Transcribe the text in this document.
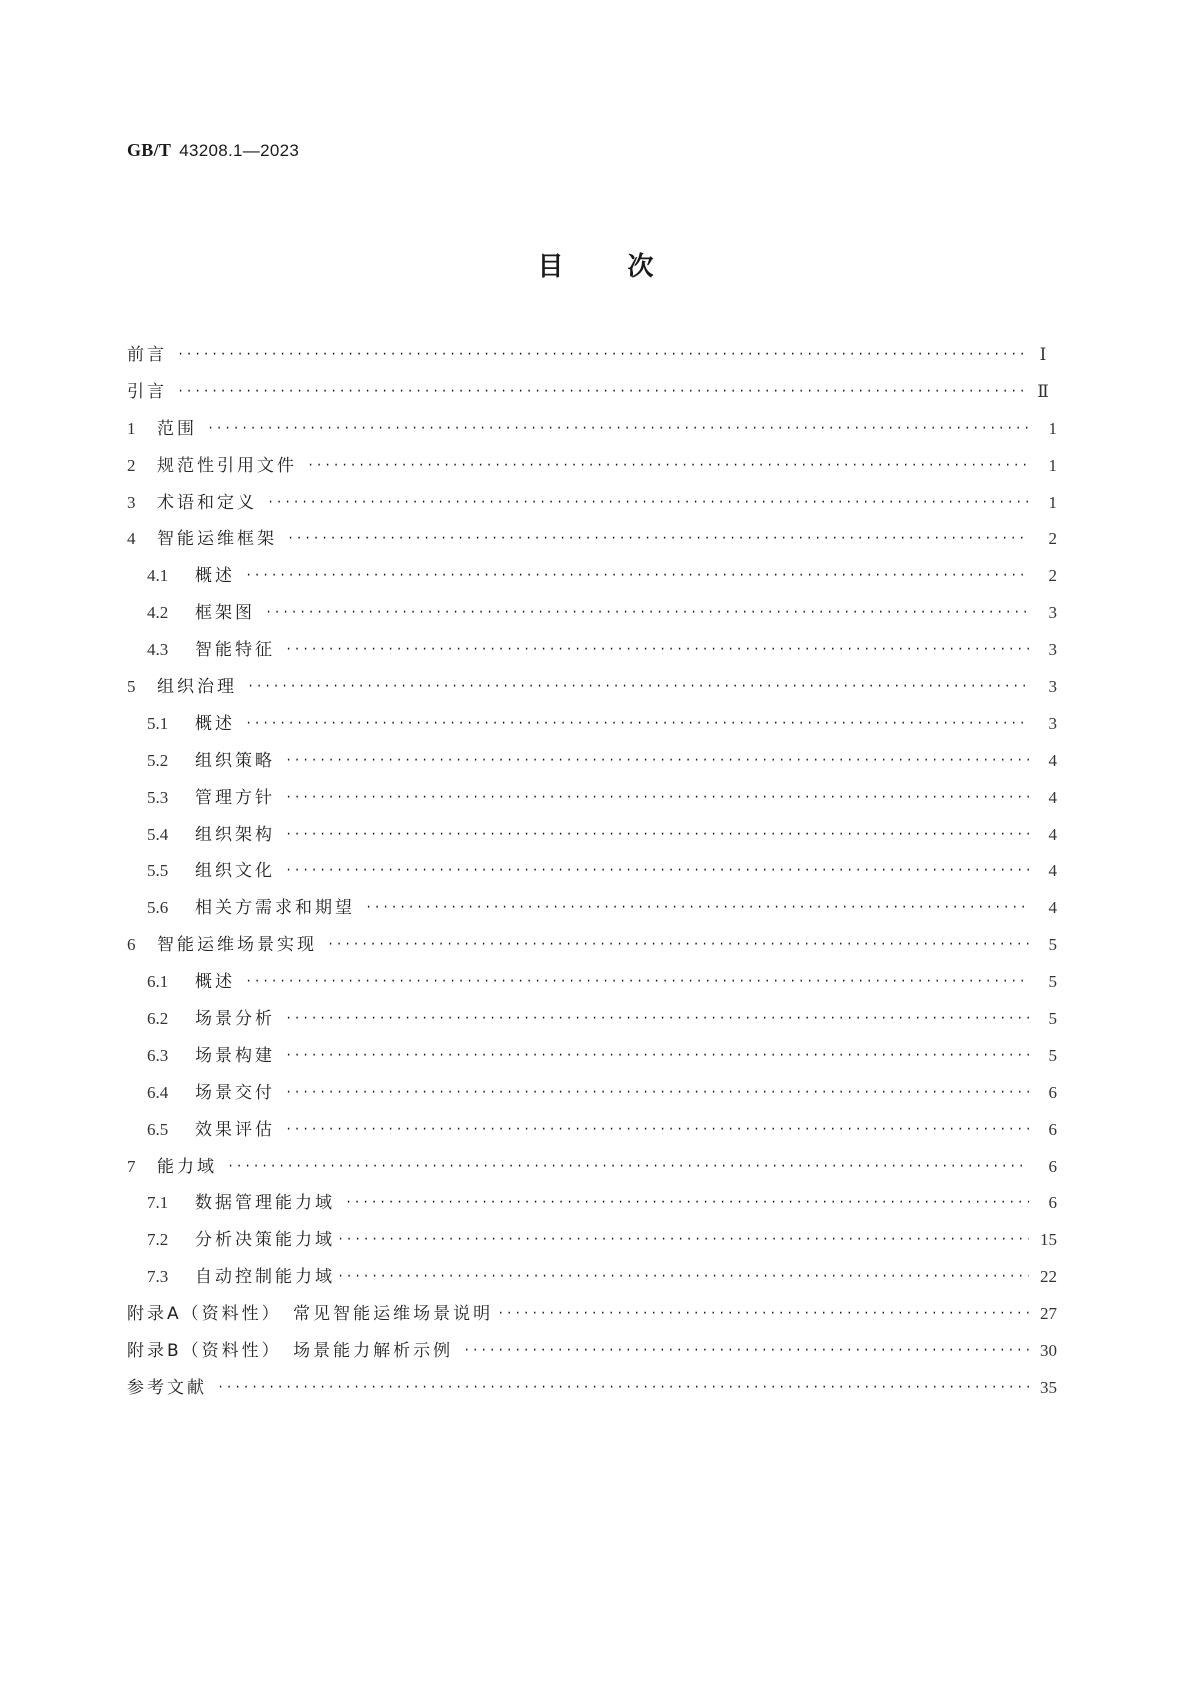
GB/T 43208.1—2023
目次
前言 ·····	Ⅰ
引言 ·····	Ⅱ
1	范围 ·····	1
2	规范性引用文件 ·····	1
3	术语和定义 ·····	1
4	智能运维框架 ·····	2
4.1	概述 ·····	2
4.2	框架图 ·····	3
4.3	智能特征 ·····	3
5	组织治理 ·····	3
5.1	概述 ·····	3
5.2	组织策略 ·····	4
5.3	管理方针 ·····	4
5.4	组织架构 ·····	4
5.5	组织文化 ·····	4
5.6	相关方需求和期望 ·····	4
6	智能运维场景实现 ·····	5
6.1	概述 ·····	5
6.2	场景分析 ·····	5
6.3	场景构建 ·····	5
6.4	场景交付 ·····	6
6.5	效果评估 ·····	6
7	能力域 ·····	6
7.1	数据管理能力域 ·····	6
7.2	分析决策能力域 ·····	15
7.3	自动控制能力域 ·····	22
附录A（资料性）　常见智能运维场景说明 ·····	27
附录B（资料性）　场景能力解析示例 ·····	30
参考文献 ·····	35
